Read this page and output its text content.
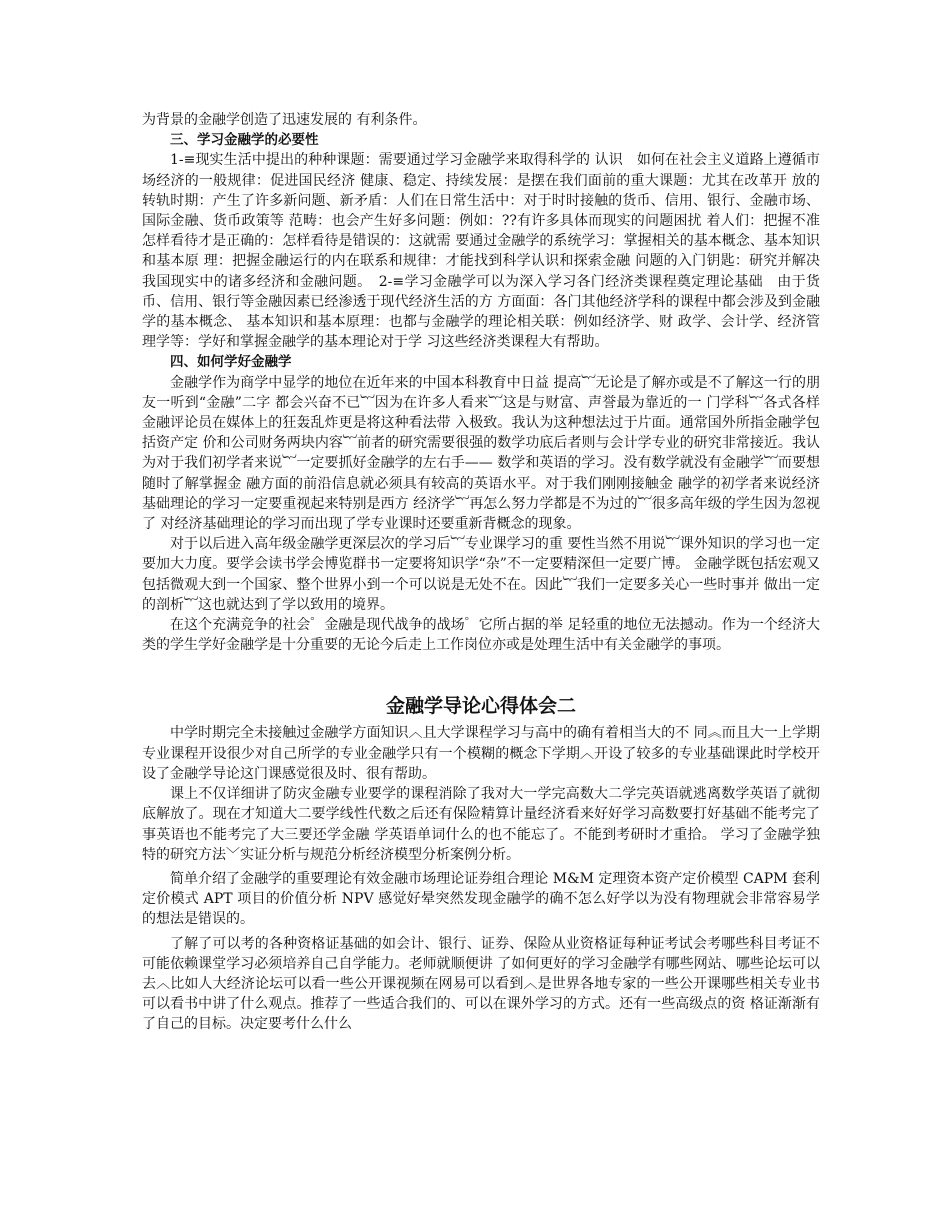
为背景的金融学创造了迅速发展的 有利条件。

三、学习金融学的必要性

1-≡现实生活中提出的种种课题：需要通过学习金融学来取得科学的 认识　如何在社会主义道路上遵循市场经济的一般规律：促进国民经济 健康、稳定、持续发展：是摆在我们面前的重大课题：尤其在改革开 放的转轨时期：产生了许多新问题、新矛盾：人们在日常生活中：对于时时接触的货币、信用、银行、金融市场、国际金融、货币政策等 范畴：也会产生好多问题：例如：??有许多具体而现实的问题困扰 着人们：把握不准怎样看待才是正确的：怎样看待是错误的：这就需 要通过金融学的系统学习：掌握相关的基本概念、基本知识和基本原 理：把握金融运行的内在联系和规律：才能找到科学认识和探索金融 问题的入门钥匙：研究并解决我国现实中的诸多经济和金融问题。　2-≡学习金融学可以为深入学习各门经济类课程奠定理论基础　由于货币、信用、银行等金融因素已经渗透于现代经济生活的方 方面面：各门其他经济学科的课程中都会涉及到金融学的基本概念、 基本知识和基本原理：也都与金融学的理论相关联：例如经济学、财 政学、会计学、经济管理学等：学好和掌握金融学的基本理论对于学 习这些经济类课程大有帮助。

四、如何学好金融学

金融学作为商学中显学的地位在近年来的中国本科教育中日益 提高︸无论是了解亦或是不了解这一行的朋友一听到“金融”二字 都会兴奋不已︸因为在许多人看来︸这是与财富、声誉最为靠近的一 门学科︸各式各样金融评论员在媒体上的狂轰乱炸更是将这种看法带 入极致。我认为这种想法过于片面。通常国外所指金融学包括资产定 价和公司财务两块内容︸前者的研究需要很强的数学功底后者则与会计学专业的研究非常接近。我认为对于我们初学者来说︸一定要抓好金融学的左右手—— 数学和英语的学习。没有数学就没有金融学︸而要想随时了解掌握金 融方面的前沿信息就必须具有较高的英语水平。对于我们刚刚接触金 融学的初学者来说经济基础理论的学习一定要重视起来特别是西方 经济学︸再怎么努力学都是不为过的︸很多高年级的学生因为忽视了 对经济基础理论的学习而出现了学专业课时还要重新背概念的现象。

对于以后进入高年级金融学更深层次的学习后︸专业课学习的重 要性当然不用说︸课外知识的学习也一定要加大力度。要学会读书学会博览群书一定要将知识学“杂”不一定要精深但一定要广博。 金融学既包括宏观又包括微观大到一个国家、整个世界小到一个可以说是无处不在。因此︸我们一定要多关心一些时事并 做出一定的剖析︸这也就达到了学以致用的境界。

在这个充满竞争的社会゜金融是现代战争的战场゜它所占据的举 足轻重的地位无法撼动。作为一个经济大类的学生学好金融学是十分重要的无论今后走上工作岗位亦或是处理生活中有关金融学的事项。

金融学导论心得体会二

中学时期完全未接触过金融学方面知识︿且大学课程学习与高中的确有着相当大的不 同︽而且大一上学期专业课程开设很少对自己所学的专业金融学只有一个模糊的概念下学期︿开设了较多的专业基础课此时学校开设了金融学导论这门课感觉很及时、很有帮助。

课上不仅详细讲了防灾金融专业要学的课程消除了我对大一学完高数大二学完英语就逃离数学英语了就彻底解放了。现在才知道大二要学线性代数之后还有保险精算计量经济看来好好学习高数要打好基础不能考完了事英语也不能考完了大三要还学金融 学英语单词什么的也不能忘了。不能到考研时才重拾。 学习了金融学独特的研究方法﹀实证分析与规范分析经济模型分析案例分析。

简单介绍了金融学的重要理论有效金融市场理论证券组合理论 M&M 定理资本资产定价模型 CAPM 套利定价模式 APT 项目的价值分析 NPV 感觉好晕突然发现金融学的确不怎么好学以为没有物理就会非常容易学的想法是错误的。

了解了可以考的各种资格证基础的如会计、银行、证券、保险从业资格证每种证考试会考哪些科目考证不可能依赖课堂学习必须培养自己自学能力。老师就顺便讲 了如何更好的学习金融学有哪些网站、哪些论坛可以去︿比如人大经济论坛可以看一些公开课视频在网易可以看到︿是世界各地专家的一些公开课哪些相关专业书可以看书中讲了什么观点。推荐了一些适合我们的、可以在课外学习的方式。还有一些高级点的资 格证渐渐有了自己的目标。决定要考什么什么
